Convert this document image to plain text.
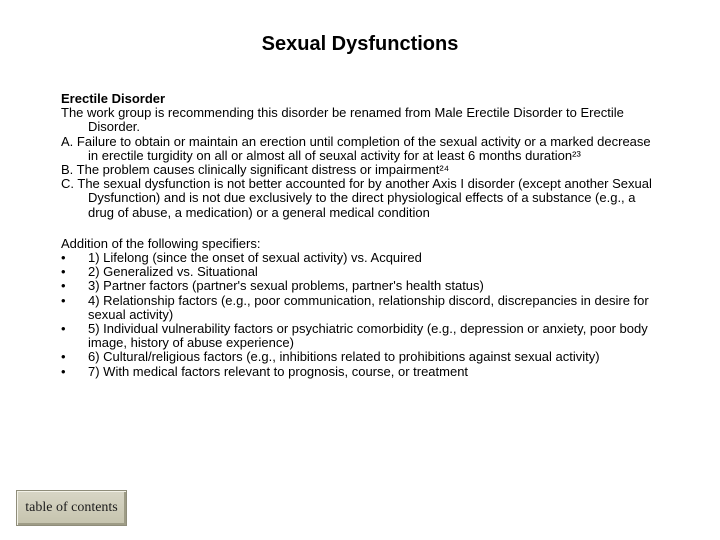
Sexual Dysfunctions

Erectile Disorder

The work group is recommending this disorder be renamed from Male Erectile Disorder to Erectile Disorder.

A. Failure to obtain or maintain an erection until completion of the sexual activity or a marked decrease in erectile turgidity on all or almost all of seuxal activity for at least 6 months duration²³

B. The problem causes clinically significant distress or impairment²⁴

C. The sexual dysfunction is not better accounted for by another Axis I disorder (except another Sexual Dysfunction) and is not due exclusively to the direct physiological effects of a substance (e.g., a drug of abuse, a medication) or a general medical condition

Addition of the following specifiers:

•	1) Lifelong (since the onset of sexual activity) vs. Acquired
•	2) Generalized vs. Situational
•	3) Partner factors (partner's sexual problems, partner's health status)
•	4) Relationship factors (e.g., poor communication, relationship discord, discrepancies in desire for sexual activity)
•	5) Individual vulnerability factors or psychiatric comorbidity (e.g., depression or anxiety, poor body image, history of abuse experience)
•	6) Cultural/religious factors (e.g., inhibitions related to prohibitions against sexual activity)
•	7) With medical factors relevant to prognosis, course, or treatment
table of contents
